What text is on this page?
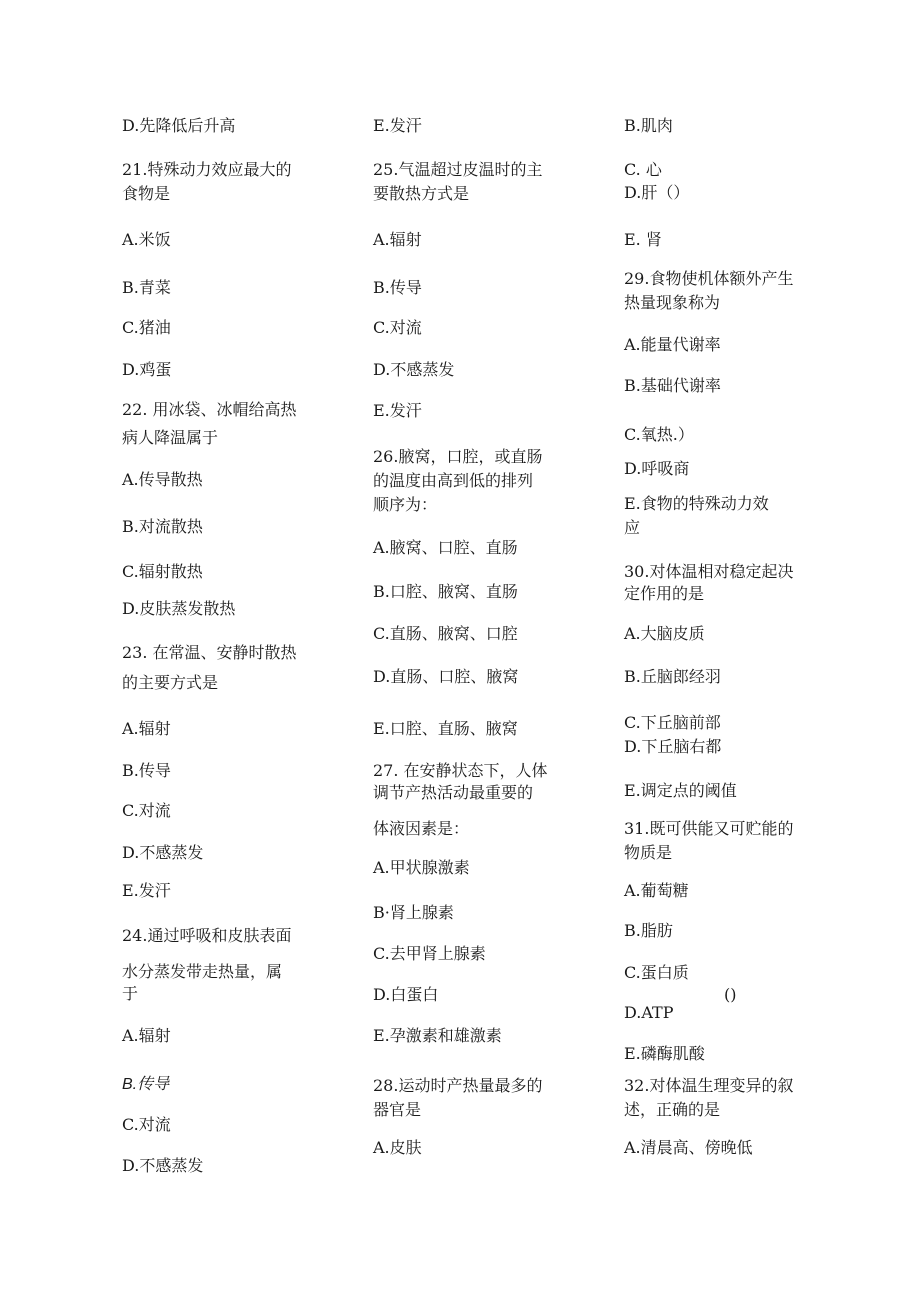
D.先降低后升高
21.特殊动力效应最大的
食物是
A.米饭
B.青菜
C.猪油
D.鸡蛋
22. 用冰袋、冰帽给高热
病人降温属于
A.传导散热
B.对流散热
C.辐射散热
D.皮肤蒸发散热
23. 在常温、安静时散热
的主要方式是
A.辐射
B.传导
C.对流
D.不感蒸发
E.发汗
24.通过呼吸和皮肤表面
水分蒸发带走热量，属
于
A.辐射
B.传导
C.对流
D.不感蒸发
E.发汗
25.气温超过皮温时的主
要散热方式是
A.辐射
B.传导
C.对流
D.不感蒸发
E.发汗
26.腋窝，口腔，或直肠
的温度由高到低的排列
顺序为：
A.腋窝、口腔、直肠
B.口腔、腋窝、直肠
C.直肠、腋窝、口腔
D.直肠、口腔、腋窝
E.口腔、直肠、腋窝
27. 在安静状态下，人体
调节产热活动最重要的
体液因素是：
A.甲状腺激素
B·肾上腺素
C.去甲肾上腺素
D.白蛋白
E.孕激素和雄激素
28.运动时产热量最多的
器官是
A.皮肤
B.肌肉
C. 心
D.肝（）
E. 肾
29.食物使机体额外产生
热量现象称为
A.能量代谢率
B.基础代谢率
C.氧热.）
D.呼吸商
E.食物的特殊动力效
应
30.对体温相对稳定起决
定作用的是
A.大脑皮质
B.丘脑郎经羽
C.下丘脑前部
D.下丘脑右都
E.调定点的阈值
31.既可供能又可贮能的
物质是
A.葡萄糖
B.脂肪
C.蛋白质
()
D.ATP
E.磷酶肌酸
32.对体温生理变异的叙
述，正确的是
A.清晨高、傍晚低
